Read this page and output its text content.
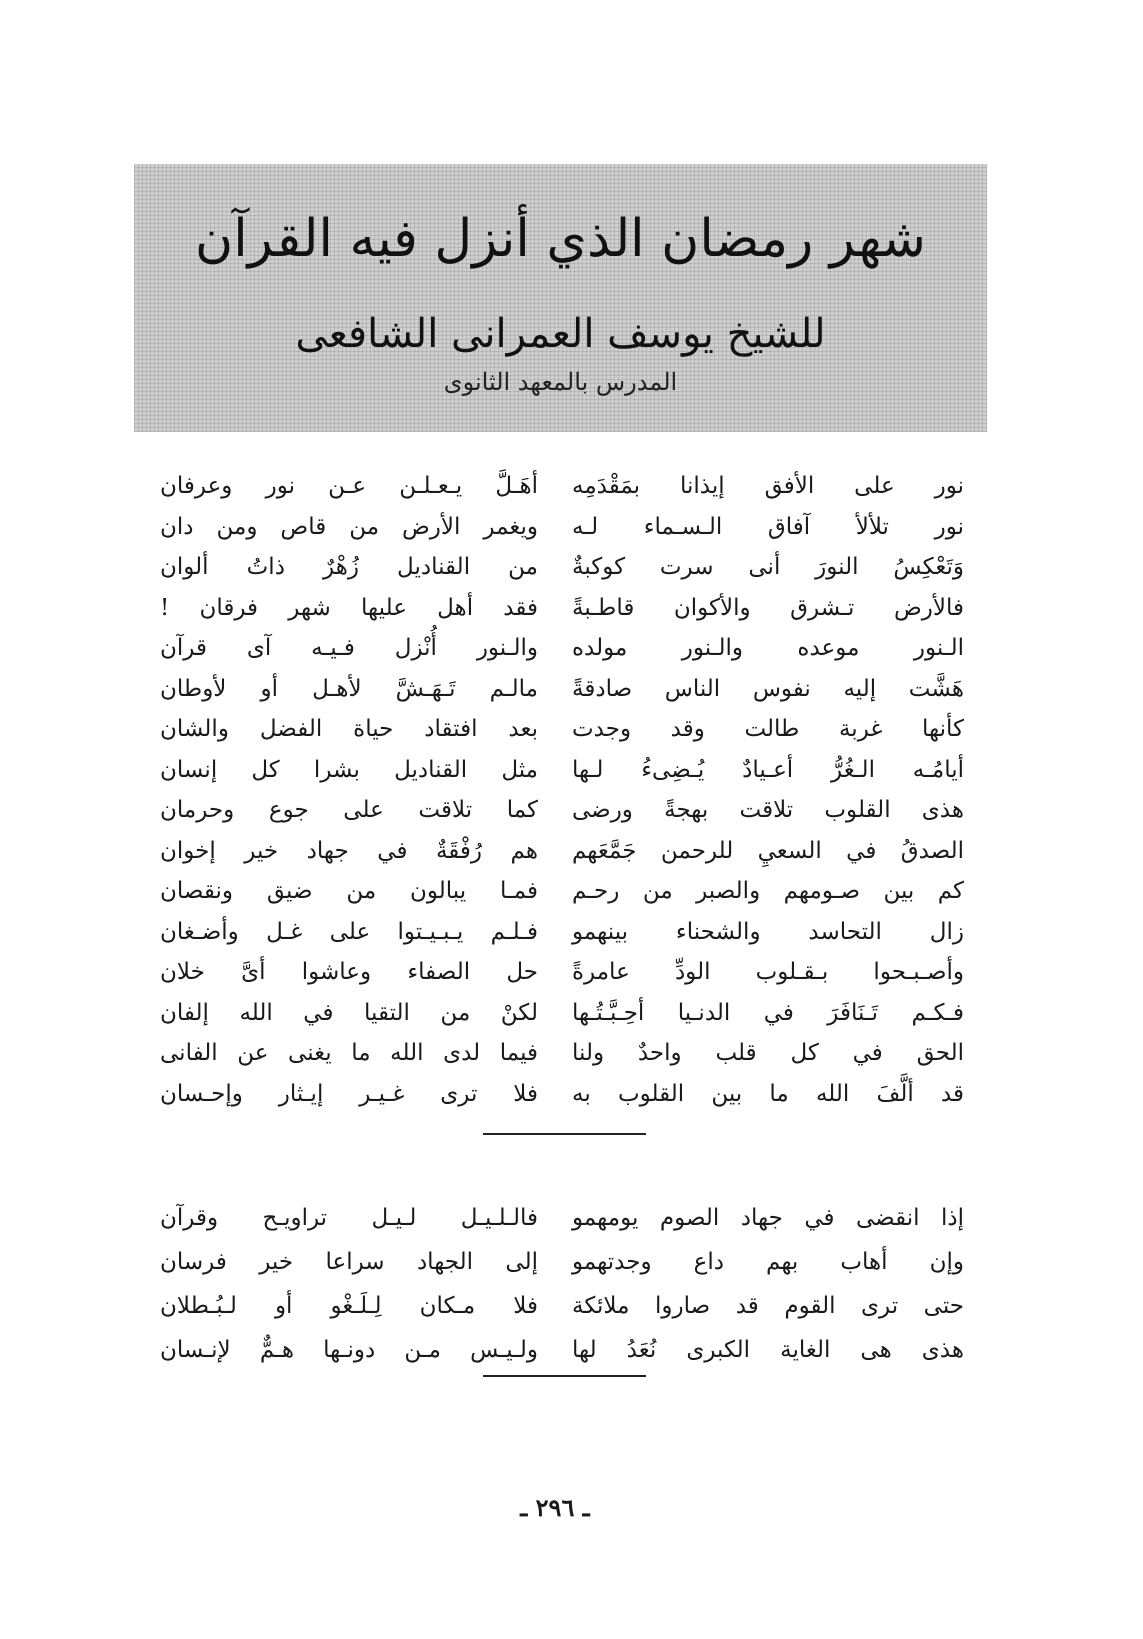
شهر رمضان الذي أنزل فيه القرآن
للشيخ يوسف العمرانى الشافعى
المدرس بالمعهد الثانوى
نور على الأفق إيذانا بمَقْدَمِه
نور تلألأ آفاق الـسـماء لـه
وَتَعْكِسُ النورَ أنى سرت كوكبةٌ
فالأرض تـشرق والأكوان قاطـبةً
الـنور موعده والـنور مولده
هَشَّت إليه نفوس الناس صادقةً
كأنها غربة طالت وقد وجدت
أيامُـه الـغُرُّ أعـيادٌ يُـضِىءُ لـها
هذى القلوب تلاقت بهجةً ورضى
الصدقُ في السعيِ للرحمن جَمَّعَهم
كم بين صـومهم والصبر من رحـم
زال التحاسد والشحناء بينهمو
وأصـبـحوا بـقـلوب الودِّ عامرةً
فـكـم تَـنَافَرَ في الدنـيا أحِـبَّـتُـها
الحق في كل قلب واحدٌ ولنا
قد ألَّفَ الله ما بين القلوب به
أهَـلَّ يـعـلـن عـن نور وعرفان
ويغمر الأرض من قاص ومن دان
من القناديل زُهْرٌ ذاتُ ألوان
فقد أهل عليها شهر فرقان !
والـنور أُنْزل فـيـه آى قرآن
مالـم تَـهَـشَّ لأهـل أو لأوطان
بعد افتقاد حياة الفضل والشان
مثل القناديل بشرا كل إنسان
كما تلاقت على جوع وحرمان
هم رُفْقَةٌ في جهاد خير إخوان
فمـا يبالون من ضيق ونقصان
فـلـم يـبـيـتوا على غـل وأضـغان
حل الصفاء وعاشوا أىَّ خلان
لكنْ من التقيا في الله إلفان
فيما لدى الله ما يغنى عن الفانى
فلا ترى غـيـر إيـثار وإحـسان
إذا انقضى في جهاد الصوم يومهمو
وإن أهاب بهم داع وجدتهمو
حتى ترى القوم قد صاروا ملائكة
هذى هى الغاية الكبرى نُعَدُ لها
فالـلـيـل لـيـل تراويـح وقرآن
إلى الجهاد سراعا خير فرسان
فلا مـكان لِـلَـغْو أو لـبُـطلان
ولـيـس مـن دونـها هـمٌّ لإنـسان
ـ ٢٩٦ ـ
